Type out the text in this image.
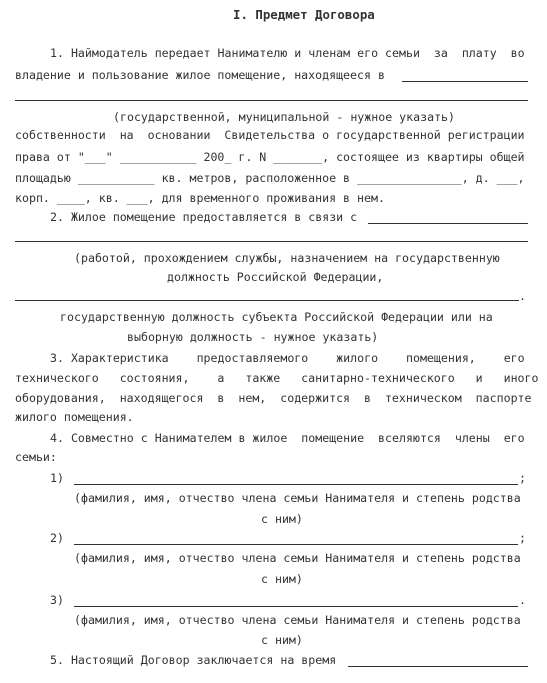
I. Предмет Договора
1. Наймодатель передает Нанимателю и членам его семьи  за  плату  во
владение и пользование жилое помещение, находящееся в
(государственной, муниципальной - нужное указать)
собственности  на  основании  Свидетельства о государственной регистрации
права от "___" ___________ 200_ г. N _______, состоящее из квартиры общей
площадью ___________ кв. метров, расположенное в _______________, д. ___,
корп. ____, кв. ___, для временного проживания в нем.
2. Жилое помещение предоставляется в связи с
(работой, прохождением службы, назначением на государственную
должность Российской Федерации,
.
государственную должность субъекта Российской Федерации или на
выборную должность - нужное указать)
3. Характеристика    предоставляемого    жилого    помещения,    его
технического   состояния,    а   также   санитарно-технического   и   иного
оборудования,  находящегося  в  нем,  содержится  в  техническом  паспорте
жилого помещения.
4. Совместно с Нанимателем в жилое  помещение  вселяются  члены  его
семьи:
1)	;
(фамилия, имя, отчество члена семьи Нанимателя и степень родства
с ним)
2)	;
(фамилия, имя, отчество члена семьи Нанимателя и степень родства
с ним)
3)	.
(фамилия, имя, отчество члена семьи Нанимателя и степень родства
с ним)
5. Настоящий Договор заключается на время
